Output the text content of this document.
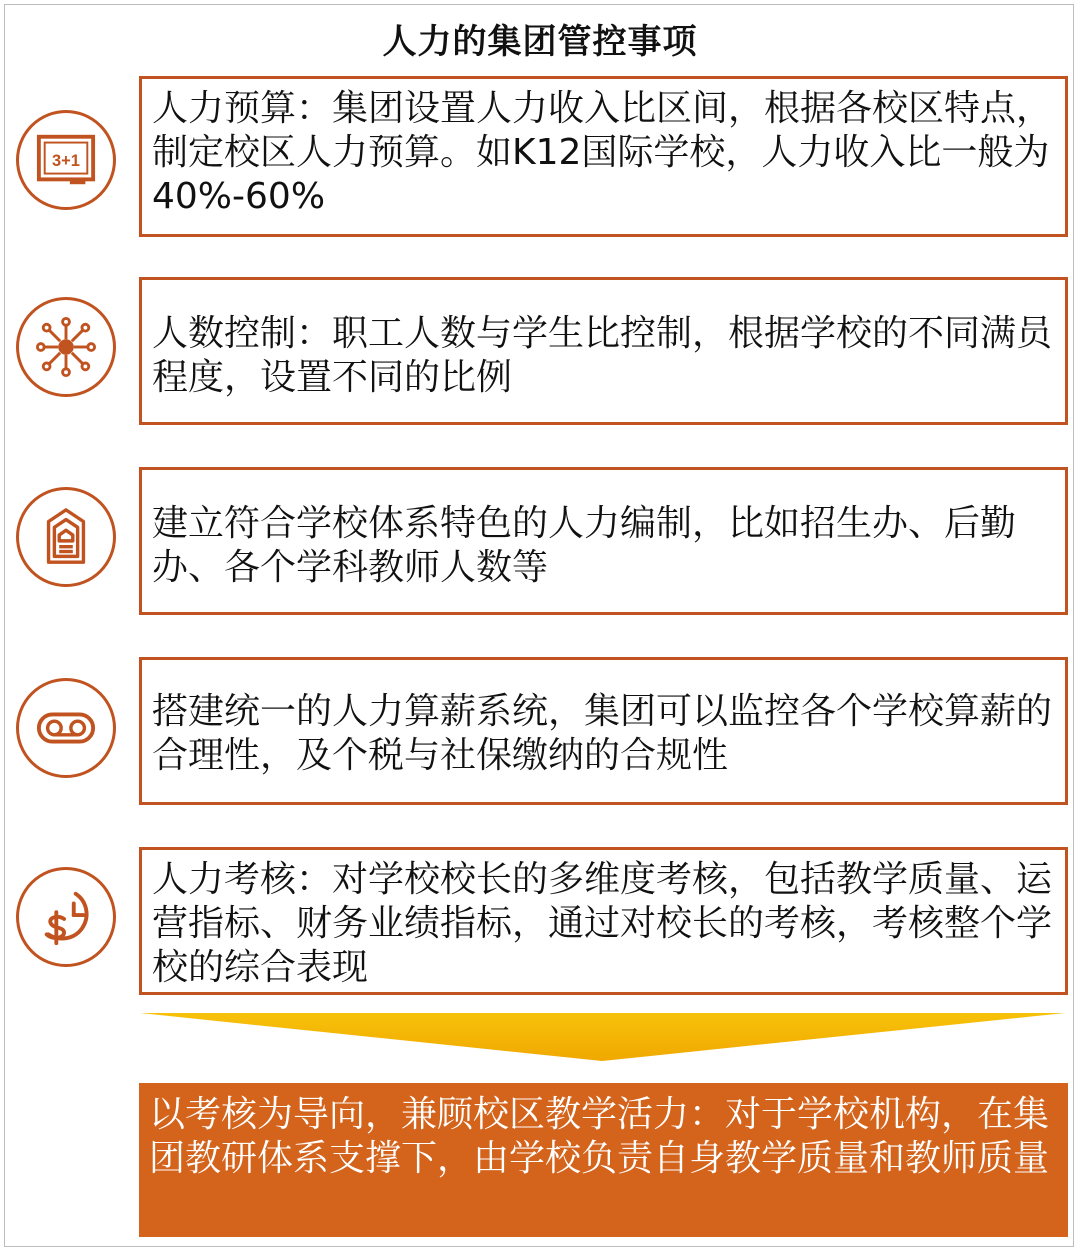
人力的集团管控事项
3+1
人力预算：集团设置人力收入比区间，根据各校区特点，制定校区人力预算。如K12国际学校，人力收入比一般为40%-60%
人数控制：职工人数与学生比控制，根据学校的不同满员程度，设置不同的比例
建立符合学校体系特色的人力编制，比如招生办、后勤办、各个学科教师人数等
搭建统一的人力算薪系统，集团可以监控各个学校算薪的合理性，及个税与社保缴纳的合规性
人力考核：对学校校长的多维度考核，包括教学质量、运营指标、财务业绩指标，通过对校长的考核，考核整个学校的综合表现
以考核为导向，兼顾校区教学活力：对于学校机构，在集团教研体系支撑下，由学校负责自身教学质量和教师质量
